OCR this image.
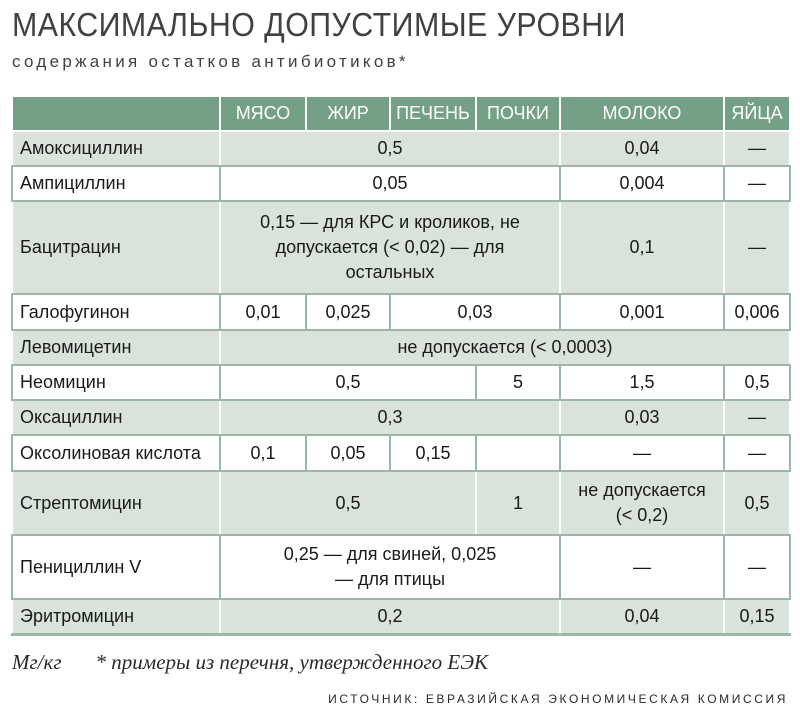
МАКСИМАЛЬНО ДОПУСТИМЫЕ УРОВНИ
содержания остатков антибиотиков*
	МЯСО	ЖИР	ПЕЧЕНЬ	ПОЧКИ	МОЛОКО	ЯЙЦА
Амоксициллин	0,5				0,04	—
Ампициллин	0,05				0,004	—
Бацитрацин	0,15 — для КРС и кроликов, не допускается (< 0,02) — для остальных				0,1	—
Галофугинон	0,01	0,025	0,03		0,001	0,006
Левомицетин	не допускается (< 0,0003)					
Неомицин	0,5			5	1,5	0,5
Оксациллин	0,3				0,03	—
Оксолиновая кислота	0,1	0,05	0,15		—	—
Стрептомицин	0,5			1	не допускается (< 0,2)	0,5
Пенициллин V	0,25 — для свиней, 0,025 — для птицы				—	—
Эритромицин	0,2				0,04	0,15
Мг/кг * примеры из перечня, утвержденного ЕЭК
ИСТОЧНИК: ЕВРАЗИЙСКАЯ ЭКОНОМИЧЕСКАЯ КОМИССИЯ
